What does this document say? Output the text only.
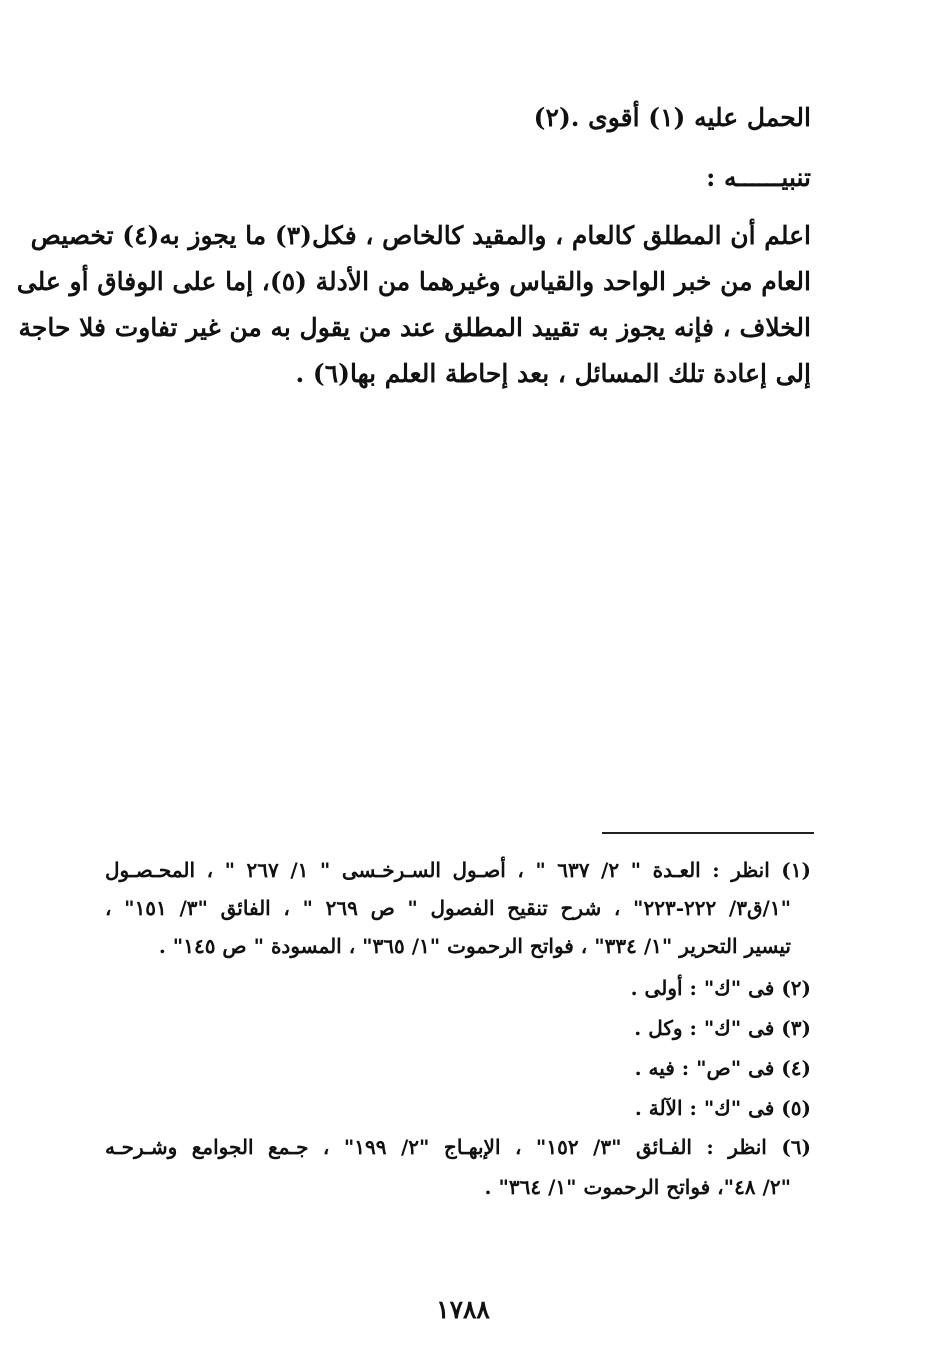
الحمل عليه (١) أقوى .(٢)
تنبيــــــه :
اعلم أن المطلق كالعام ، والمقيد كالخاص ، فكل(٣) ما يجوز به(٤) تخصيص
العام من خبر الواحد والقياس وغيرهما من الأدلة (٥)، إما على الوفاق أو على
الخلاف ، فإنه يجوز به تقييد المطلق عند من يقول به من غير تفاوت فلا حاجة
إلى إعادة تلك المسائل ، بعد إحاطة العلم بها(٦) .
(١) انظر : العـدة " ٢/ ٦٣٧ " ، أصـول السـرخـسى " ١/ ٢٦٧ " ، المحـصـول
"١/ق٣/ ٢٢٢-٢٢٣" ، شرح تنقيح الفصول " ص ٢٦٩ " ، الفائق "٣/ ١٥١" ،
تيسير التحرير "١/ ٣٣٤" ، فواتح الرحموت "١/ ٣٦٥" ، المسودة " ص ١٤٥" .
(٢) فى "ك" : أولى .
(٣) فى "ك" : وكل .
(٤) فى "ص" : فيه .
(٥) فى "ك" : الآلة .
(٦) انظر : الفـائق "٣/ ١٥٢" ، الإبهـاج "٢/ ١٩٩" ، جـمع الجوامع وشـرحـه
"٢/ ٤٨"، فواتح الرحموت "١/ ٣٦٤" .
١٧٨٨
